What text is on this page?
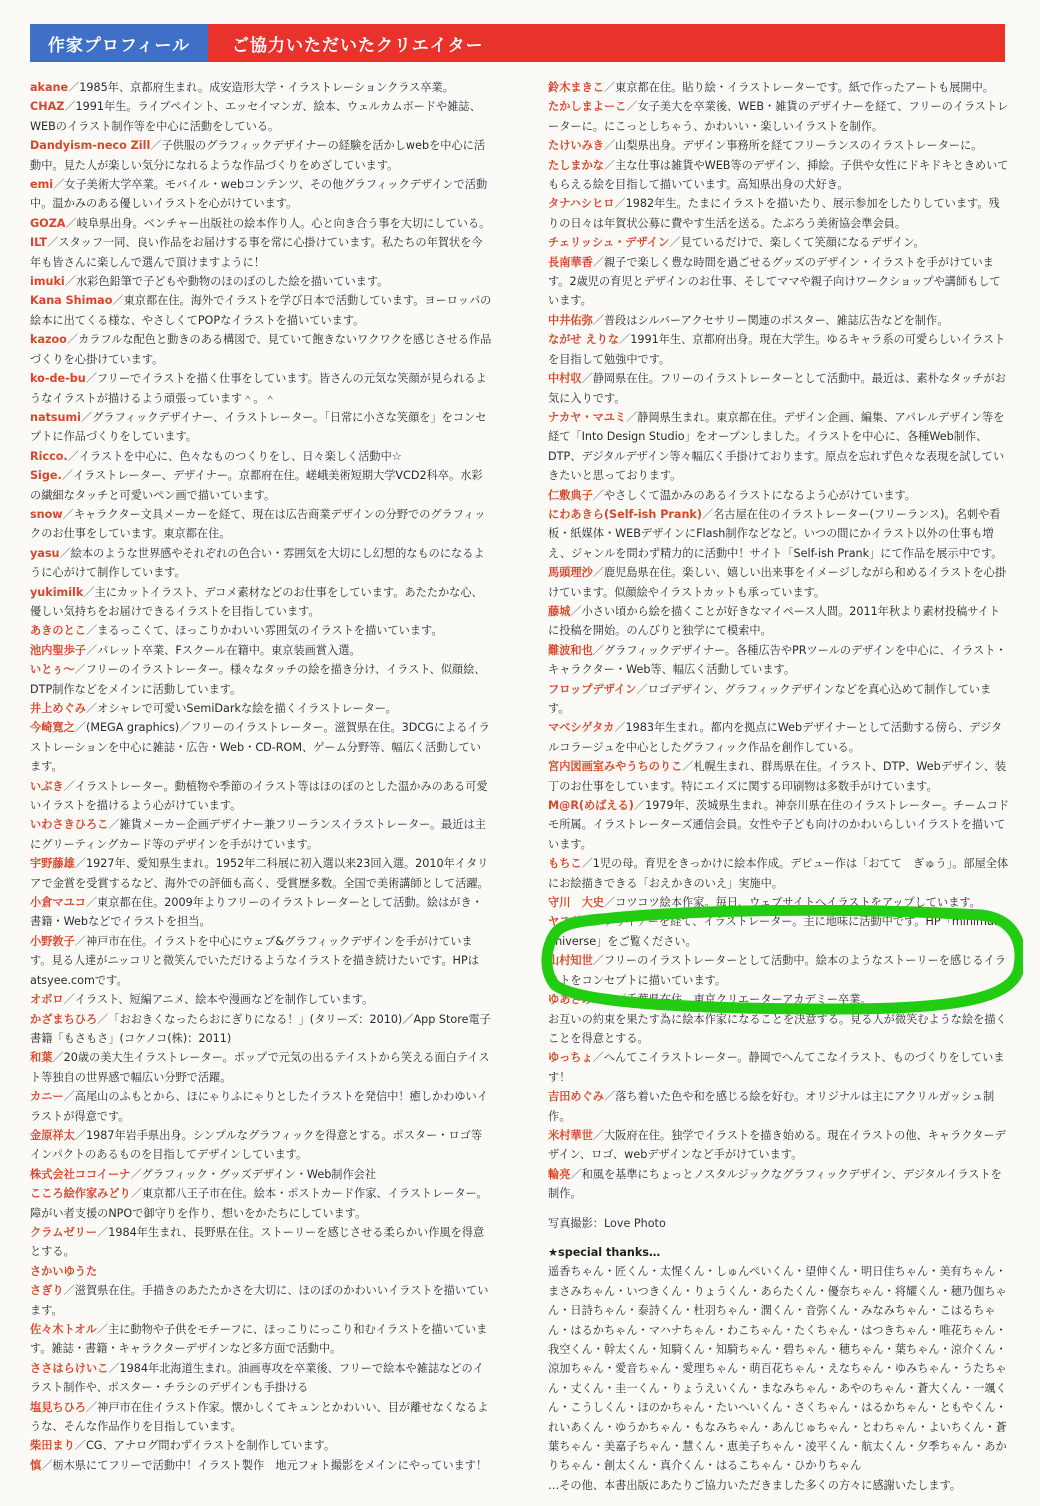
作家プロフィール	ご協力いただいたクリエイター

akane／1985年、京都府生まれ。成安造形大学・イラストレーションクラス卒業。

CHAZ／1991年生。ライブペイント、エッセイマンガ、絵本、ウェルカムボードや雑誌、WEBのイラスト制作等を中心に活動をしている。

Dandyism-neco Zill／子供服のグラフィックデザイナーの経験を活かしwebを中心に活動中。見た人が楽しい気分になれるような作品づくりをめざしています。

emi／女子美術大学卒業。モバイル・webコンテンツ、その他グラフィックデザインで活動中。温かみのある優しいイラストを心がけています。

GOZA／岐阜県出身。ベンチャー出版社の絵本作り人。心と向き合う事を大切にしている。

ILT／スタッフ一同、良い作品をお届けする事を常に心掛けています。私たちの年賀状を今年も皆さんに楽しんで選んで頂けますように！

imuki／水彩色鉛筆で子どもや動物のほのぼのした絵を描いています。

Kana Shimao／東京都在住。海外でイラストを学び日本で活動しています。ヨーロッパの絵本に出てくる様な、やさしくてPOPなイラストを描いています。

kazoo／カラフルな配色と動きのある構図で、見ていて飽きないワクワクを感じさせる作品づくりを心掛けています。

ko-de-bu／フリーでイラストを描く仕事をしています。皆さんの元気な笑顔が見られるようなイラストが描けるよう頑張っています＾。＾

natsumi／グラフィックデザイナー、イラストレーター。「日常に小さな笑顔を」をコンセプトに作品づくりをしています。

Ricco.／イラストを中心に、色々なものつくりをし、日々楽しく活動中☆

Sige.／イラストレーター、デザイナー。京都府在住。嵯峨美術短期大学VCD2科卒。水彩の繊細なタッチと可愛いペン画で描いています。

snow／キャラクター文具メーカーを経て、現在は広告商業デザインの分野でのグラフィックのお仕事をしています。東京都在住。

yasu／絵本のような世界感やそれぞれの色合い・雰囲気を大切にし幻想的なものになるように心がけて制作しています。

yukimilk／主にカットイラスト、デコメ素材などのお仕事をしています。あたたかな心、優しい気持ちをお届けできるイラストを目指しています。

あきのとこ／まるっこくて、ほっこりかわいい雰囲気のイラストを描いています。

池内聖歩子／パレット卒業、Fスクール在籍中。東京装画賞入選。

いとぅ〜／フリーのイラストレーター。様々なタッチの絵を描き分け、イラスト、似顔絵、DTP制作などをメインに活動しています。

井上めぐみ／オシャレで可愛いSemiDarkな絵を描くイラストレーター。

今崎寛之／(MEGA graphics)／フリーのイラストレーター。滋賀県在住。3DCGによるイラストレーションを中心に雑誌・広告・Web・CD-ROM、ゲーム分野等、幅広く活動しています。

いぶき／イラストレーター。動植物や季節のイラスト等はほのぼのとした温かみのある可愛いイラストを描けるよう心がけています。

いわさきひろこ／雑貨メーカー企画デザイナー兼フリーランスイラストレーター。最近は主にグリーティングカード等のデザインを手がけています。

宇野藤雄／1927年、愛知県生まれ。1952年二科展に初入選以来23回入選。2010年イタリアで金賞を受賞するなど、海外での評価も高く、受賞歴多数。全国で美術講師として活躍。

小倉マユコ／東京都在住。2009年よりフリーのイラストレーターとして活動。絵はがき・書籍・Webなどでイラストを担当。

小野敦子／神戸市在住。イラストを中心にウェブ&グラフィックデザインを手がけています。見る人達がニッコリと微笑んでいただけるようなイラストを描き続けたいです。HPはatsyee.comです。

オボロ／イラスト、短編アニメ、絵本や漫画などを制作しています。

かざまちひろ／「おおきくなったらおにぎりになる！」(タリーズ：2010)／App Store電子書籍「もさもさ」(コケノコ(株)：2011)

和葉／20歳の美大生イラストレーター。ポップで元気の出るテイストから笑える面白テイスト等独自の世界感で幅広い分野で活躍。

カニー／高尾山のふもとから、ほにゃりふにゃりとしたイラストを発信中！癒しかわゆいイラストが得意です。

金原祥太／1987年岩手県出身。シンプルなグラフィックを得意とする。ポスター・ロゴ等インパクトのあるものを目指してデザインしています。

株式会社ココイーナ／グラフィック・グッズデザイン・Web制作会社

こころ絵作家みどり／東京都八王子市在住。絵本・ポストカード作家、イラストレーター。障がい者支援のNPOで御守りを作り、想いをかたちにしています。

クラムゼリー／1984年生まれ、長野県在住。ストーリーを感じさせる柔らかい作風を得意とする。

さかいゆうた

さぎり／滋賀県在住。手描きのあたたかさを大切に、ほのぼのかわいいイラストを描いています。

佐々木トオル／主に動物や子供をモチーフに、ほっこりにっこり和むイラストを描いています。雑誌・書籍・キャラクターデザインなど多方面で活動中。

ささはらけいこ／1984年北海道生まれ。油画専攻を卒業後、フリーで絵本や雑誌などのイラスト制作や、ポスター・チラシのデザインも手掛ける

塩見ちひろ／神戸市在住イラスト作家。懐かしくてキュンとかわいい、目が離せなくなるような、そんな作品作りを目指しています。

柴田まり／CG、アナログ問わずイラストを制作しています。

慎／栃木県にてフリーで活動中！イラスト製作　地元フォト撮影をメインにやっています！

鈴木まきこ／東京都在住。貼り絵・イラストレーターです。紙で作ったアートも展開中。

たかしまよーこ／女子美大を卒業後、WEB・雑貨のデザイナーを経て、フリーのイラストレーターに。にこっとしちゃう、かわいい・楽しいイラストを制作。

たけいみき／山梨県出身。デザイン事務所を経てフリーランスのイラストレーターに。

たしまかな／主な仕事は雑貨やWEB等のデザイン、挿絵。子供や女性にドキドキときめいてもらえる絵を目指して描いています。高知県出身の犬好き。

タナハシヒロ／1982年生。たまにイラストを描いたり、展示参加をしたりしています。残りの日々は年賀状公募に費やす生活を送る。たぶろう美術協会準会員。

チェリッシュ・デザイン／見ているだけで、楽しくて笑顔になるデザイン。

長南華香／親子で楽しく豊な時間を過ごせるグッズのデザイン・イラストを手がけています。2歳児の育児とデザインのお仕事、そしてママや親子向けワークショップや講師もしています。

中井佑弥／普段はシルバーアクセサリー関連のポスター、雑誌広告などを制作。

ながせ えりな／1991年生、京都府出身。現在大学生。ゆるキャラ系の可愛らしいイラストを目指して勉強中です。

中村収／静岡県在住。フリーのイラストレーターとして活動中。最近は、素朴なタッチがお気に入りです。

ナカヤ・マユミ／静岡県生まれ。東京都在住。デザイン企画、編集、アパレルデザイン等を経て「Into Design Studio」をオープンしました。イラストを中心に、各種Web制作、DTP、デジタルデザイン等々幅広く手掛けております。原点を忘れず色々な表現を試していきたいと思っております。

仁敷典子／やさしくて温かみのあるイラストになるよう心がけています。

にわあきら(Self-ish Prank)／名古屋在住のイラストレーター(フリーランス)。名刺や看板・紙媒体・WEBデザインにFlash制作などなど。いつの間にかイラスト以外の仕事も増え、ジャンルを問わず精力的に活動中！サイト「Self-ish Prank」にて作品を展示中です。

馬頭理沙／鹿児島県在住。楽しい、嬉しい出来事をイメージしながら和めるイラストを心掛けています。似顔絵やイラストカットも承っています。

藤城／小さい頃から絵を描くことが好きなマイペース人間。2011年秋より素材投稿サイトに投稿を開始。のんびりと独学にて模索中。

難波和也／グラフィックデザイナー。各種広告やPRツールのデザインを中心に、イラスト・キャラクター・Web等、幅広く活動しています。

フロップデザイン／ロゴデザイン、グラフィックデザインなどを真心込めて制作しています。

マベシゲタカ／1983年生まれ。都内を拠点にWebデザイナーとして活動する傍ら、デジタルコラージュを中心としたグラフィック作品を創作している。

宮内図画室みやうちのりこ／札幌生まれ、群馬県在住。イラスト、DTP、Webデザイン、装丁のお仕事をしています。特にエイズに関する印刷物は多数手がけています。

M@R(めばえる)／1979年、茨城県生まれ。神奈川県在住のイラストレーター。チームコドモ所属。イラストレーターズ通信会員。女性や子ども向けのかわいらしいイラストを描いています。

もちこ／1児の母。育児をきっかけに絵本作成。デビュー作は「おてて　ぎゅう」。部屋全体にお絵描きできる「おえかきのいえ」実施中。

守川　大史／コツコツ絵本作家。毎日、ウェブサイトへイラストをアップしています。

ヤスダ／タデザイナーを経て、イラストレーター。主に地味に活動中です。HP「minimum universe」をご覧ください。

山村知世／フリーのイラストレーターとして活動中。絵本のようなストーリーを感じるイラストをコンセプトに描いています。

ゆあさみのる／千葉県在住。東京クリエーターアカデミー卒業。

お互いの約束を果たす為に絵本作家になることを決意する。見る人が微笑むような絵を描くことを得意とする。

ゆっちょ／へんてこイラストレーター。静岡でへんてこなイラスト、ものづくりをしています！

吉田めぐみ／落ち着いた色や和を感じる絵を好む。オリジナルは主にアクリルガッシュ制作。

米村華世／大阪府在住。独学でイラストを描き始める。現在イラストの他、キャラクターデザイン、ロゴ、webデザインなど手がけています。

輪亮／和風を基準にちょっとノスタルジックなグラフィックデザイン、デジタルイラストを制作。

写真撮影：Love Photo

★special thanks…

遥香ちゃん・匠くん・太惺くん・しゅんぺいくん・望伸くん・明日佳ちゃん・美有ちゃん・まさみちゃん・いつきくん・りょうくん・あらたくん・優奈ちゃん・将耀くん・穂乃伽ちゃん・日詩ちゃん・泰詩くん・杜羽ちゃん・潤くん・音弥くん・みなみちゃん・こはるちゃん・はるかちゃん・マハナちゃん・わこちゃん・たくちゃん・はつきちゃん・唯花ちゃん・我空くん・幹太くん・知騎くん・知騎ちゃん・碧ちゃん・穂ちゃん・葉ちゃん・涼介くん・涼加ちゃん・愛音ちゃん・愛理ちゃん・萌百花ちゃん・えなちゃん・ゆみちゃん・うたちゃん・丈くん・圭一くん・りょうえいくん・まなみちゃん・あやのちゃん・蒼大くん・一颯くん・こうしくん・ほのかちゃん・たいへいくん・さくちゃん・はるかちゃん・ともやくん・れいあくん・ゆうかちゃん・もなみちゃん・あんじゅちゃん・とわちゃん・よいちくん・蒼葉ちゃん・美嘉子ちゃん・慧くん・恵美子ちゃん・凌平くん・航太くん・夕季ちゃん・あかりちゃん・創太くん・真介くん・はるこちゃん・ひかりちゃん

…その他、本書出版にあたりご協力いただきました多くの方々に感謝いたします。
